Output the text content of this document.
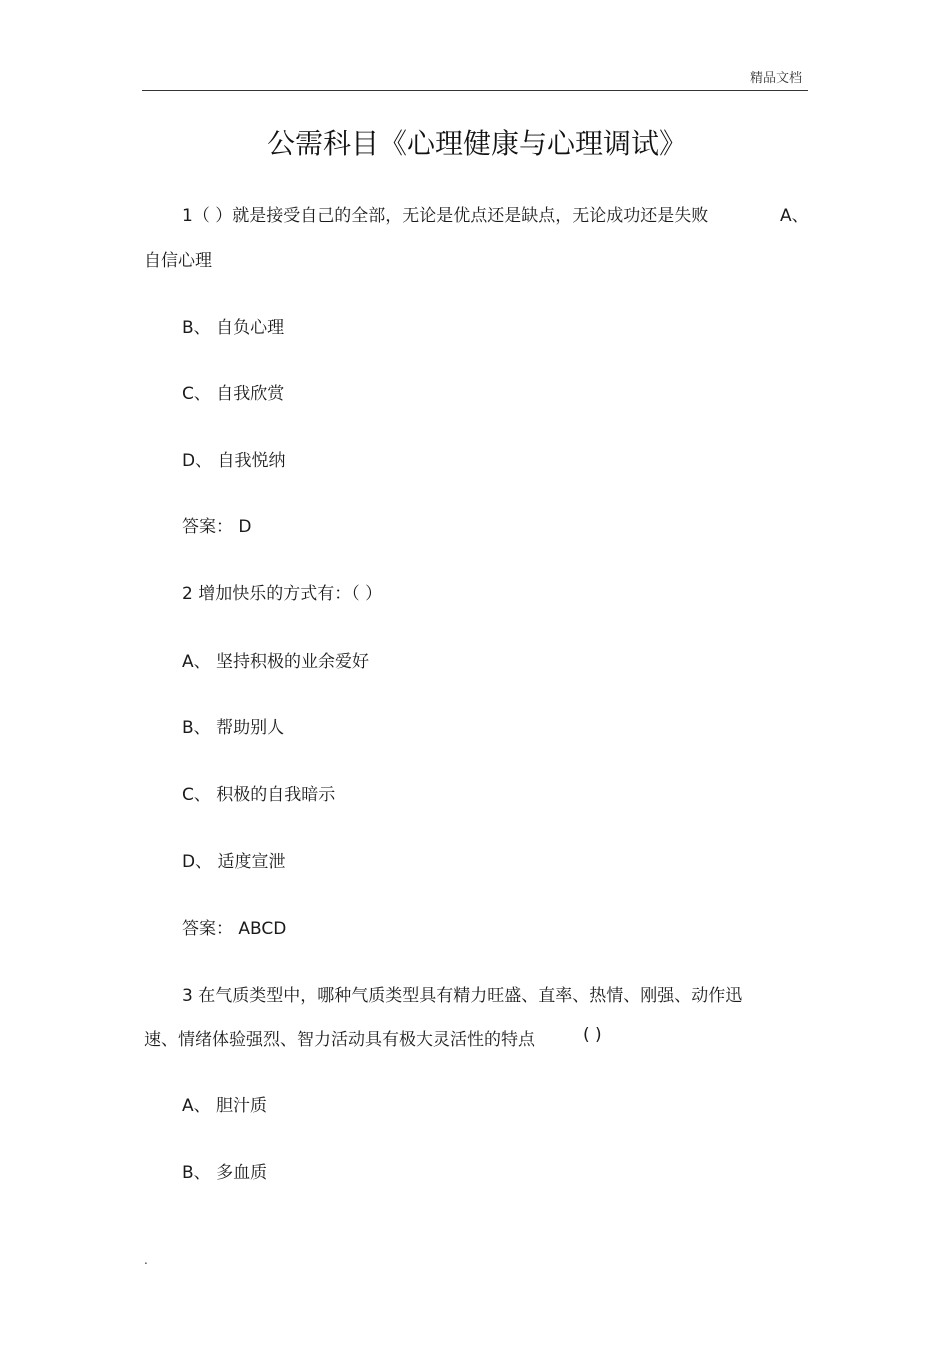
精品文档
公需科目《心理健康与心理调试》
1（ ）就是接受自己的全部，无论是优点还是缺点，无论成功还是失败	A、
自信心理
B、 自负心理
C、 自我欣赏
D、 自我悦纳
答案： D
2 增加快乐的方式有：（ ）
A、 坚持积极的业余爱好
B、 帮助别人
C、 积极的自我暗示
D、 适度宣泄
答案： ABCD
3 在气质类型中，哪种气质类型具有精力旺盛、直率、热情、刚强、动作迅
速、情绪体验强烈、智力活动具有极大灵活性的特点	( )
A、 胆汁质
B、 多血质
.
